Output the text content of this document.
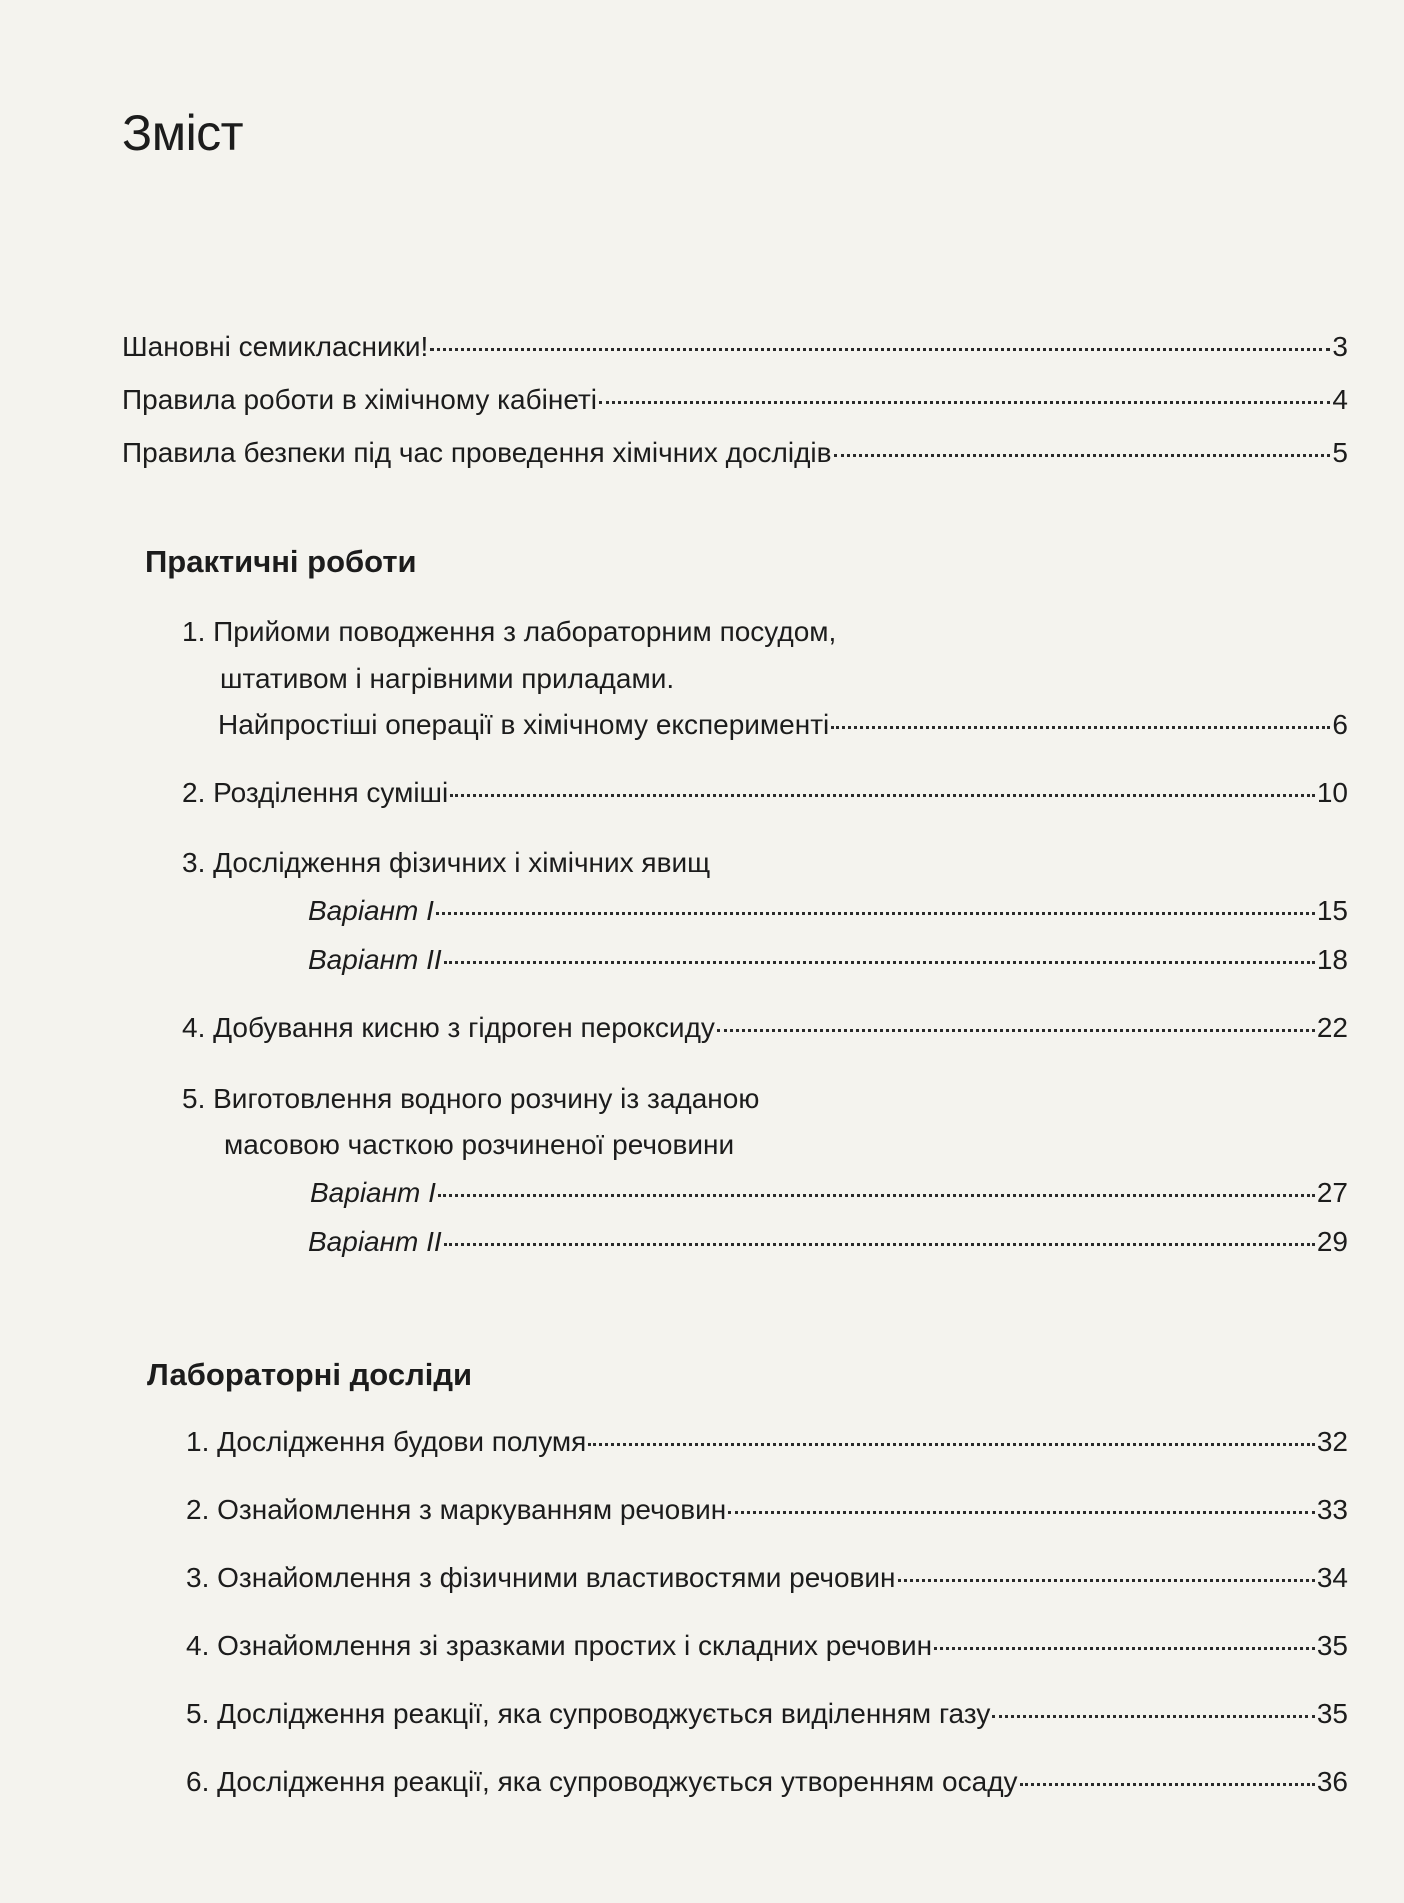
Зміст
Шановні семикласники!	3
Правила роботи в хімічному кабінеті	4
Правила безпеки під час проведення хімічних дослідів	5
Практичні роботи
1. Прийоми поводження з лабораторним посудом,
штативом і нагрівними приладами.
Найпростіші операції в хімічному експерименті	6
2. Розділення суміші	10
3. Дослідження фізичних і хімічних явищ
Варіант І	15
Варіант ІІ	18
4. Добування кисню з гідроген пероксиду	22
5. Виготовлення водного розчину із заданою
масовою часткою розчиненої речовини
Варіант І	27
Варіант ІІ	29
Лабораторні досліди
1. Дослідження будови полумя	32
2. Ознайомлення з маркуванням речовин	33
3. Ознайомлення з фізичними властивостями речовин	34
4. Ознайомлення зі зразками простих і складних речовин	35
5. Дослідження реакції, яка супроводжується виділенням газу	35
6. Дослідження реакції, яка супроводжується утворенням осаду	36
